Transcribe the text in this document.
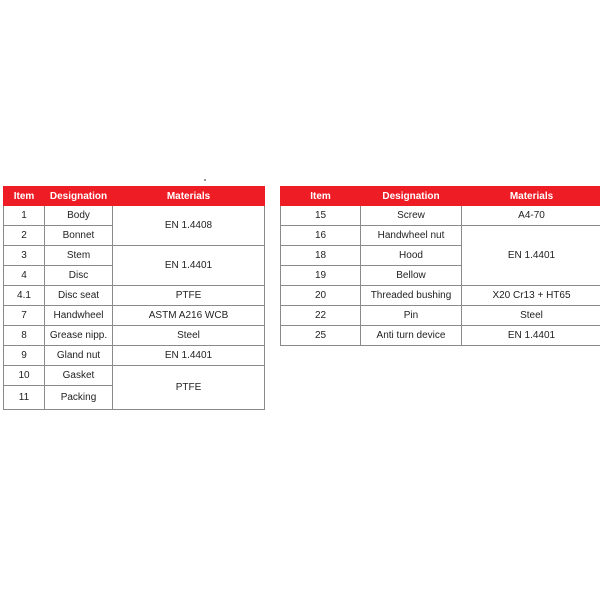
Item	Designation	Materials
1	Body	EN 1.4408
2	Bonnet	
3	Stem	EN 1.4401
4	Disc	
4.1	Disc seat	PTFE
7	Handwheel	ASTM A216 WCB
8	Grease nipp.	Steel
9	Gland nut	EN 1.4401
10	Gasket	PTFE
11	Packing	
Item	Designation	Materials
15	Screw	A4-70
16	Handwheel nut	EN 1.4401
18	Hood	
19	Bellow	
20	Threaded bushing	X20 Cr13 + HT65
22	Pin	Steel
25	Anti turn device	EN 1.4401
